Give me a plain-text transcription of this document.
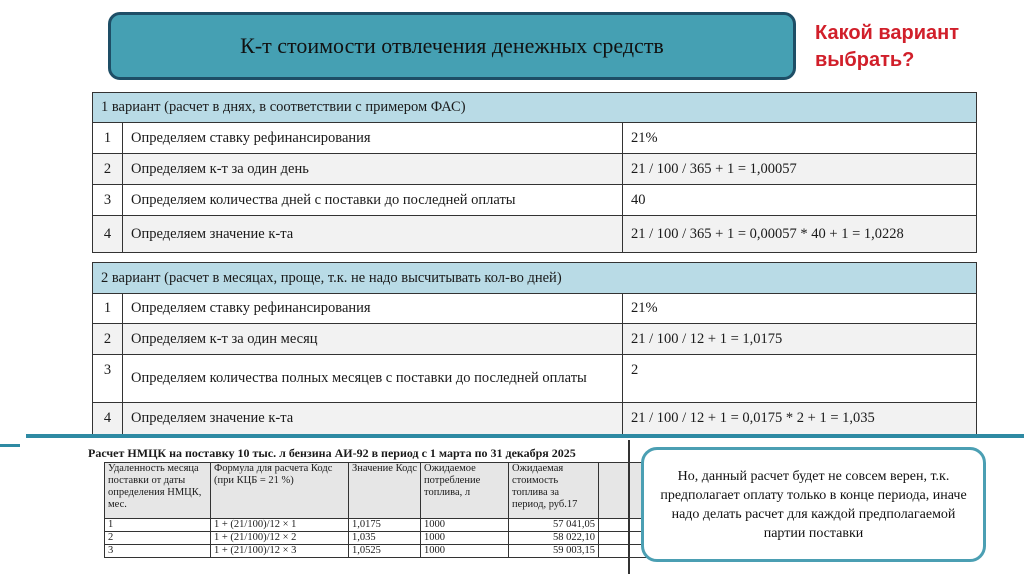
К-т стоимости отвлечения денежных средств	Какой вариант выбрать?
1 вариант (расчет в днях, в соответствии с примером ФАС)		
1	Определяем ставку рефинансирования	21%
2	Определяем к-т за один день	21 / 100 / 365 + 1 = 1,00057
3	Определяем количества дней с поставки до последней оплаты	40
4	Определяем значение к-та	21 / 100 / 365 + 1 = 0,00057 * 40 + 1 = 1,0228
2 вариант (расчет в месяцах, проще, т.к. не надо высчитывать кол-во дней)		
1	Определяем ставку рефинансирования	21%
2	Определяем к-т за один месяц	21 / 100 / 12 + 1 = 1,0175
3	Определяем количества полных месяцев с поставки до последней оплаты	2
4	Определяем значение к-та	21 / 100 / 12 + 1 = 0,0175 * 2 + 1 = 1,035
Расчет НМЦК на поставку 10 тыс. л бензина АИ-92 в период с 1 марта по 31 декабря 2025
Удаленность месяца поставки от даты определения НМЦК, мес.	Формула для расчета Кодс (при КЦБ = 21 %)	Значение Кодс	Ожидаемое потребление топлива, л	Ожидаемая стоимость топлива за период, руб.17	
1	1 + (21/100)/12 × 1	1,0175	1000	57 041,05	
2	1 + (21/100)/12 × 2	1,035	1000	58 022,10	
3	1 + (21/100)/12 × 3	1,0525	1000	59 003,15	
Но, данный расчет будет не совсем верен, т.к. предполагает оплату только в конце периода, иначе надо делать расчет для каждой предполагаемой партии поставки
